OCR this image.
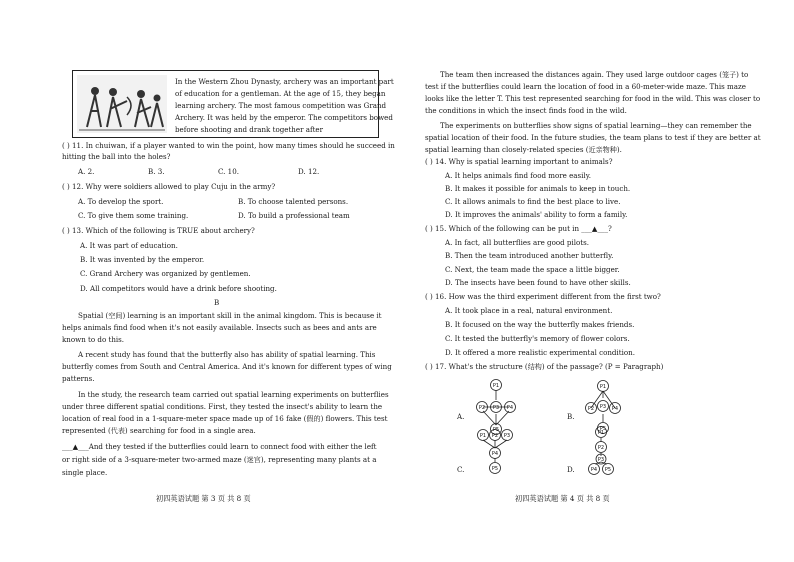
In the Western Zhou Dynasty, archery was an important part
of education for a gentleman. At the age of 15, they began
learning archery. The most famous competition was Grand
Archery. It was held by the emperor. The competitors bowed
before shooting and drank together after
( ) 11. In chuiwan, if a player wanted to win the point, how many times should he succeed in
hitting the ball into the holes?
A. 2.	B. 3.	C. 10.	D. 12.
( ) 12. Why were soldiers allowed to play Cuju in the army?
A. To develop the sport.	B. To choose talented persons.
C. To give them some training.	D. To build a professional team
( ) 13. Which of the following is TRUE about archery?
A. It was part of education.
B. It was invented by the emperor.
C. Grand Archery was organized by gentlemen.
D. All competitors would have a drink before shooting.
B
Spatial (空间) learning is an important skill in the animal kingdom. This is because it
helps animals find food when it's not easily available. Insects such as bees and ants are
known to do this.
A recent study has found that the butterfly also has ability of spatial learning. This
butterfly comes from South and Central America. And it's known for different types of wing
patterns.
In the study, the research team carried out spatial learning experiments on butterflies
under three different spatial conditions. First, they tested the insect's ability to learn the
location of real food in a 1-square-meter space made up of 16 fake (假的) flowers. This test
represented (代表) searching for food in a single area.
___▲___And they tested if the butterflies could learn to connect food with either the left
or right side of a 3-square-meter two-armed maze (迷宫), representing many plants at a
single place.
初四英语试题 第 3 页 共 8 页
The team then increased the distances again. They used large outdoor cages (笼子) to
test if the butterflies could learn the location of food in a 60-meter-wide maze. This maze
looks like the letter T. This test represented searching for food in the wild. This was closer to
the conditions in which the insect finds food in the wild.
The experiments on butterflies show signs of spatial learning—they can remember the
spatial location of their food. In the future studies, the team plans to test if they are better at
spatial learning than closely-related species (近亲物种).
( ) 14. Why is spatial learning important to animals?
A. It helps animals find food more easily.
B. It makes it possible for animals to keep in touch.
C. It allows animals to find the best place to live.
D. It improves the animals' ability to form a family.
( ) 15. Which of the following can be put in ___▲___?
A. In fact, all butterflies are good pilots.
B. Then the team introduced another butterfly.
C. Next, the team made the space a little bigger.
D. The insects have been found to have other skills.
( ) 16. How was the third experiment different from the first two?
A. It took place in a real, natural environment.
B. It focused on the way the butterfly makes friends.
C. It tested the butterfly's memory of flower colors.
D. It offered a more realistic experimental condition.
( ) 17. What's the structure (结构) of the passage? (P = Paragraph)
A.
P1
P2 P3 P4
P5
B.
P1
P2 P3 P4
P5
C.
P1 P2 P3
P4
P5	D.
P1
P2
P3
P4 P5
初四英语试题 第 4 页 共 8 页
